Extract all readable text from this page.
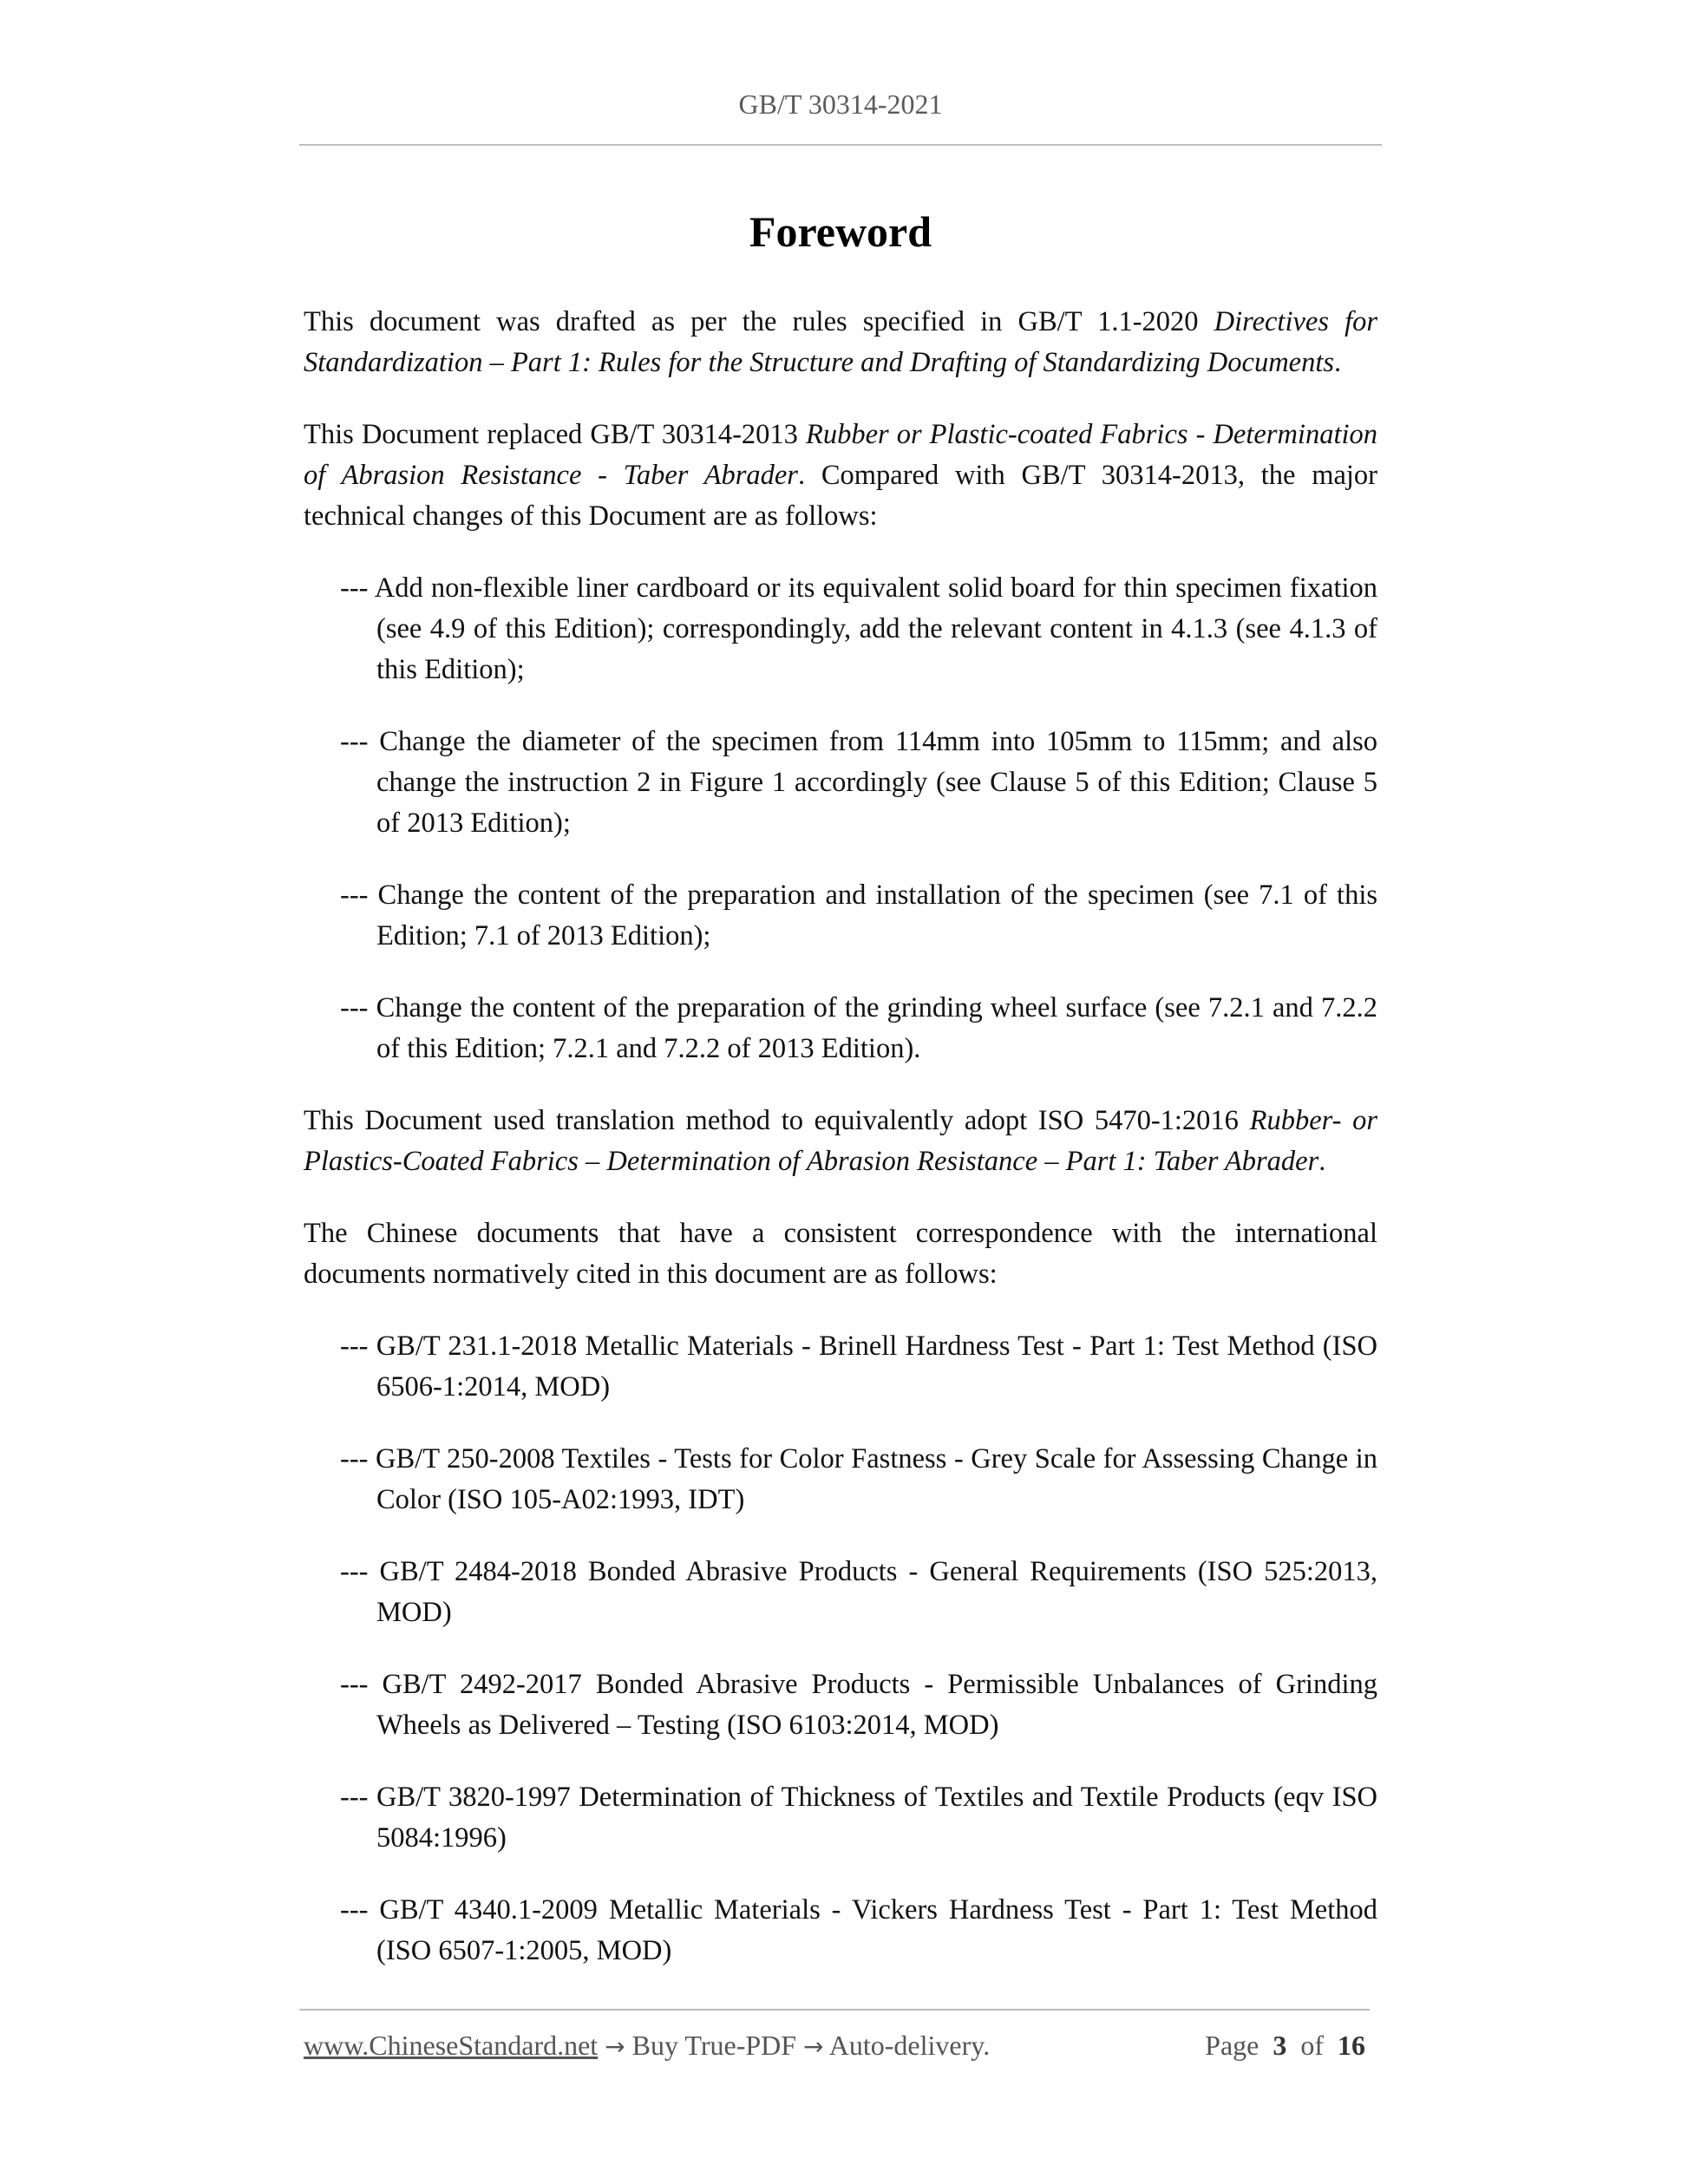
GB/T 30314-2021
Foreword

This document was drafted as per the rules specified in GB/T 1.1-2020 Directives for Standardization – Part 1: Rules for the Structure and Drafting of Standardizing Documents.

This Document replaced GB/T 30314-2013 Rubber or Plastic-coated Fabrics - Determination of Abrasion Resistance - Taber Abrader. Compared with GB/T 30314-2013, the major technical changes of this Document are as follows:

--- Add non-flexible liner cardboard or its equivalent solid board for thin specimen fixation (see 4.9 of this Edition); correspondingly, add the relevant content in 4.1.3 (see 4.1.3 of this Edition);

--- Change the diameter of the specimen from 114mm into 105mm to 115mm; and also change the instruction 2 in Figure 1 accordingly (see Clause 5 of this Edition; Clause 5 of 2013 Edition);

--- Change the content of the preparation and installation of the specimen (see 7.1 of this Edition; 7.1 of 2013 Edition);

--- Change the content of the preparation of the grinding wheel surface (see 7.2.1 and 7.2.2 of this Edition; 7.2.1 and 7.2.2 of 2013 Edition).

This Document used translation method to equivalently adopt ISO 5470-1:2016 Rubber- or Plastics-Coated Fabrics – Determination of Abrasion Resistance – Part 1: Taber Abrader.

The Chinese documents that have a consistent correspondence with the international documents normatively cited in this document are as follows:

--- GB/T 231.1-2018 Metallic Materials - Brinell Hardness Test - Part 1: Test Method (ISO 6506-1:2014, MOD)

--- GB/T 250-2008 Textiles - Tests for Color Fastness - Grey Scale for Assessing Change in Color (ISO 105-A02:1993, IDT)

--- GB/T 2484-2018 Bonded Abrasive Products - General Requirements (ISO 525:2013, MOD)

--- GB/T 2492-2017 Bonded Abrasive Products - Permissible Unbalances of Grinding Wheels as Delivered – Testing (ISO 6103:2014, MOD)

--- GB/T 3820-1997 Determination of Thickness of Textiles and Textile Products (eqv ISO 5084:1996)

--- GB/T 4340.1-2009 Metallic Materials - Vickers Hardness Test - Part 1: Test Method (ISO 6507-1:2005, MOD)

www.ChineseStandard.net → Buy True-PDF → Auto-delivery.	Page 3 of 16
